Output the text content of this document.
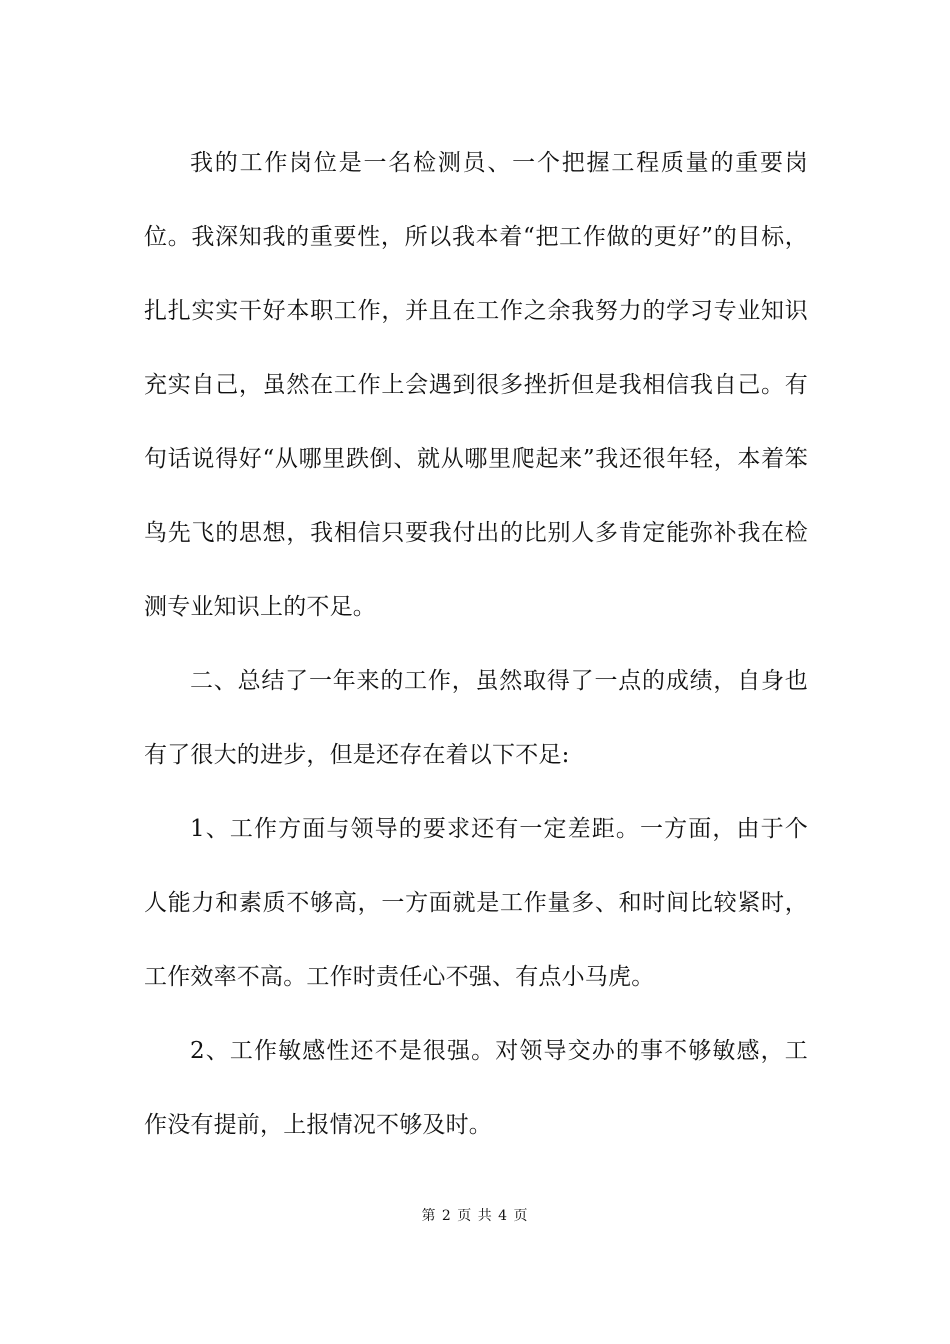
我的工作岗位是一名检测员、一个把握工程质量的重要岗位。我深知我的重要性，所以我本着“把工作做的更好”的目标，扎扎实实干好本职工作，并且在工作之余我努力的学习专业知识充实自己，虽然在工作上会遇到很多挫折但是我相信我自己。有句话说得好“从哪里跌倒、就从哪里爬起来”我还很年轻，本着笨鸟先飞的思想，我相信只要我付出的比别人多肯定能弥补我在检测专业知识上的不足。

二、总结了一年来的工作，虽然取得了一点的成绩，自身也有了很大的进步，但是还存在着以下不足:

1、工作方面与领导的要求还有一定差距。一方面，由于个人能力和素质不够高，一方面就是工作量多、和时间比较紧时，工作效率不高。工作时责任心不强、有点小马虎。

2、工作敏感性还不是很强。对领导交办的事不够敏感，工作没有提前，上报情况不够及时。

第 2 页 共 4 页
